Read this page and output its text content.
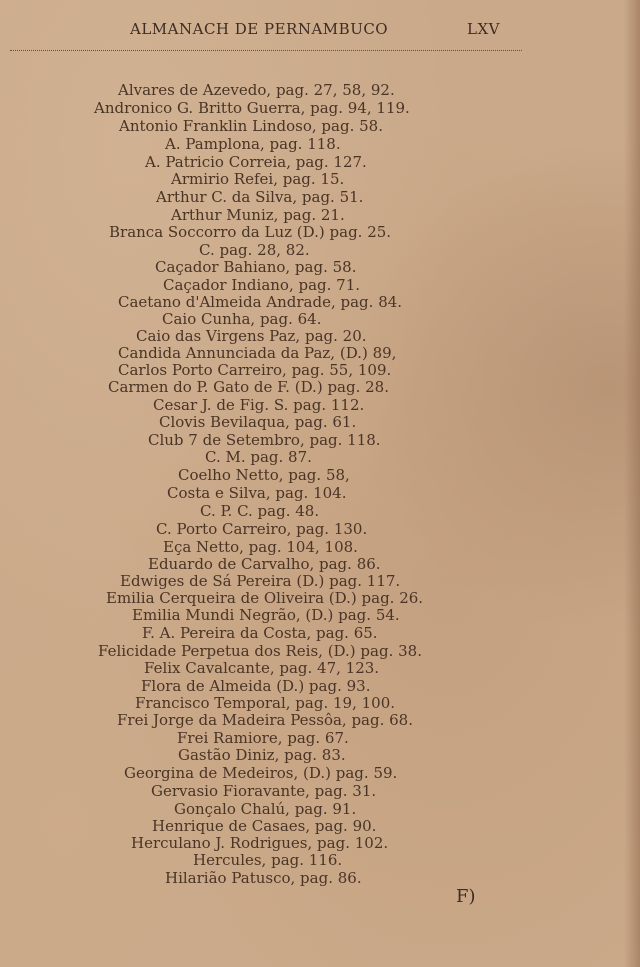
ALMANACH DE PERNAMBUCO	LXV
Alvares de Azevedo, pag. 27, 58, 92.
Andronico G. Britto Guerra, pag. 94, 119.
Antonio Franklin Lindoso, pag. 58.
A. Pamplona, pag. 118.
A. Patricio Correia, pag. 127.
Armirio Refei, pag. 15.
Arthur C. da Silva, pag. 51.
Arthur Muniz, pag. 21.
Branca Soccorro da Luz (D.) pag. 25.
C. pag. 28, 82.
Caçador Bahiano, pag. 58.
Caçador Indiano, pag. 71.
Caetano d'Almeida Andrade, pag. 84.
Caio Cunha, pag. 64.
Caio das Virgens Paz, pag. 20.
Candida Annunciada da Paz, (D.) 89,
Carlos Porto Carreiro, pag. 55, 109.
Carmen do P. Gato de F. (D.) pag. 28.
Cesar J. de Fig. S. pag. 112.
Clovis Bevilaqua, pag. 61.
Club 7 de Setembro, pag. 118.
C. M. pag. 87.
Coelho Netto, pag. 58,
Costa e Silva, pag. 104.
C. P. C. pag. 48.
C. Porto Carreiro, pag. 130.
Eça Netto, pag. 104, 108.
Eduardo de Carvalho, pag. 86.
Edwiges de Sá Pereira (D.) pag. 117.
Emilia Cerqueira de Oliveira (D.) pag. 26.
Emilia Mundi Negrão, (D.) pag. 54.
F. A. Pereira da Costa, pag. 65.
Felicidade Perpetua dos Reis, (D.) pag. 38.
Felix Cavalcante, pag. 47, 123.
Flora de Almeida (D.) pag. 93.
Francisco Temporal, pag. 19, 100.
Frei Jorge da Madeira Pessôa, pag. 68.
Frei Ramiore, pag. 67.
Gastão Diniz, pag. 83.
Georgina de Medeiros, (D.) pag. 59.
Gervasio Fioravante, pag. 31.
Gonçalo Chalú, pag. 91.
Henrique de Casaes, pag. 90.
Herculano J. Rodrigues, pag. 102.
Hercules, pag. 116.
Hilarião Patusco, pag. 86.
F)
